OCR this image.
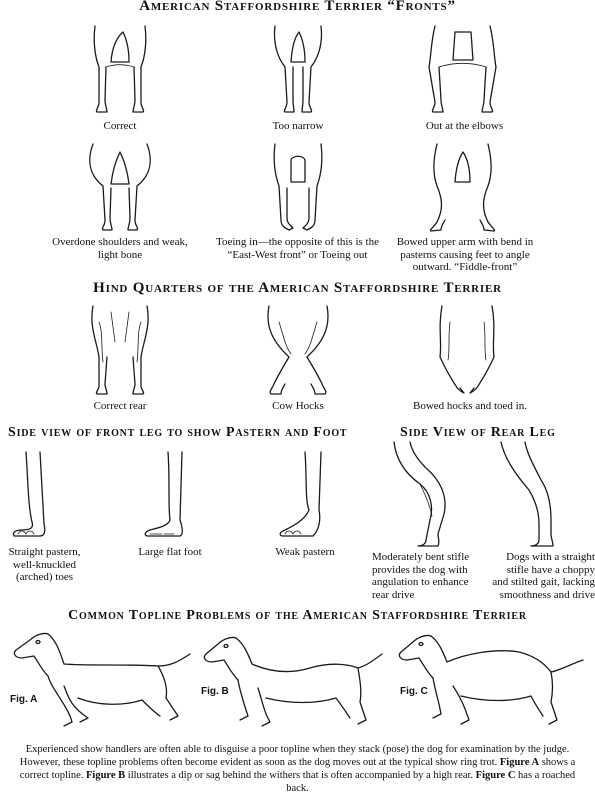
American Staffordshire Terrier “Fronts”
Correct	Too narrow	Out at the elbows
Overdone shoulders and weak, light bone
Toeing in—the opposite of this is the “East-West front” or Toeing out
Bowed upper arm with bend in pasterns causing feet to angle outward. “Fiddle-front”
Hind Quarters of the American Staffordshire Terrier
Correct rear	Cow Hocks	Bowed hocks and toed in.
Side view of front leg to show Pastern and Foot	Side View of Rear Leg
Straight pastern, well-knuckled (arched) toes
Large flat foot	Weak pastern	Moderately bent stifle provides the dog with angulation to enhance rear drive
Dogs with a straight stifle have a choppy and stilted gait, lacking smoothness and drive
Common Topline Problems of the American Staffordshire Terrier
Fig. A
Fig. B	Fig. C

Experienced show handlers are often able to disguise a poor topline when they stack (pose) the dog for examination by the judge. However, these topline problems often become evident as soon as the dog moves out at the typical show ring trot. Figure A shows a correct topline. Figure B illustrates a dip or sag behind the withers that is often accompanied by a high rear. Figure C has a roached back.
